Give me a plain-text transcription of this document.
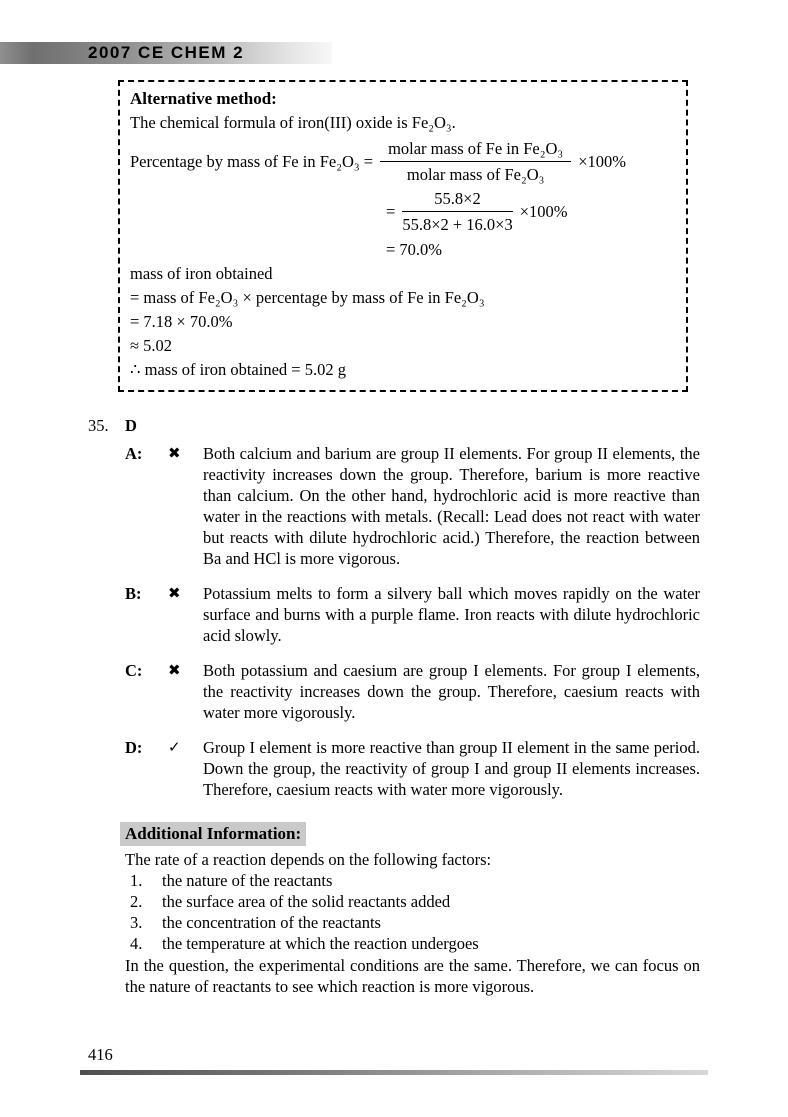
2007 CE CHEM 2
Alternative method:
The chemical formula of iron(III) oxide is Fe₂O₃.
Percentage by mass of Fe in $Fe_2O_3 = \frac{\text{molar mass of Fe in Fe₂O₃}}{\text{molar mass of Fe₂O₃}} \times 100\%$
= $\frac{55.8\times 2}{55.8\times 2 + 16.0\times 3} \times 100\%$
= 70.0%
mass of iron obtained
= mass of Fe₂O₃ × percentage by mass of Fe in Fe₂O₃
= 7.18 × 70.0%
≈ 5.02
∴ mass of iron obtained = 5.02 g
35. D
A:	✖	Both calcium and barium are group II elements. For group II elements, the reactivity increases down the group. Therefore, barium is more reactive than calcium. On the other hand, hydrochloric acid is more reactive than water in the reactions with metals. (Recall: Lead does not react with water but reacts with dilute hydrochloric acid.) Therefore, the reaction between Ba and HCl is more vigorous.
B:	✖	Potassium melts to form a silvery ball which moves rapidly on the water surface and burns with a purple flame. Iron reacts with dilute hydrochloric acid slowly.
C:	✖	Both potassium and caesium are group I elements. For group I elements, the reactivity increases down the group. Therefore, caesium reacts with water more vigorously.
D:	✓	Group I element is more reactive than group II element in the same period. Down the group, the reactivity of group I and group II elements increases. Therefore, caesium reacts with water more vigorously.
Additional Information:
The rate of a reaction depends on the following factors:
1.	the nature of the reactants
2.	the surface area of the solid reactants added
3.	the concentration of the reactants
4.	the temperature at which the reaction undergoes
In the question, the experimental conditions are the same. Therefore, we can focus on the nature of reactants to see which reaction is more vigorous.
416
